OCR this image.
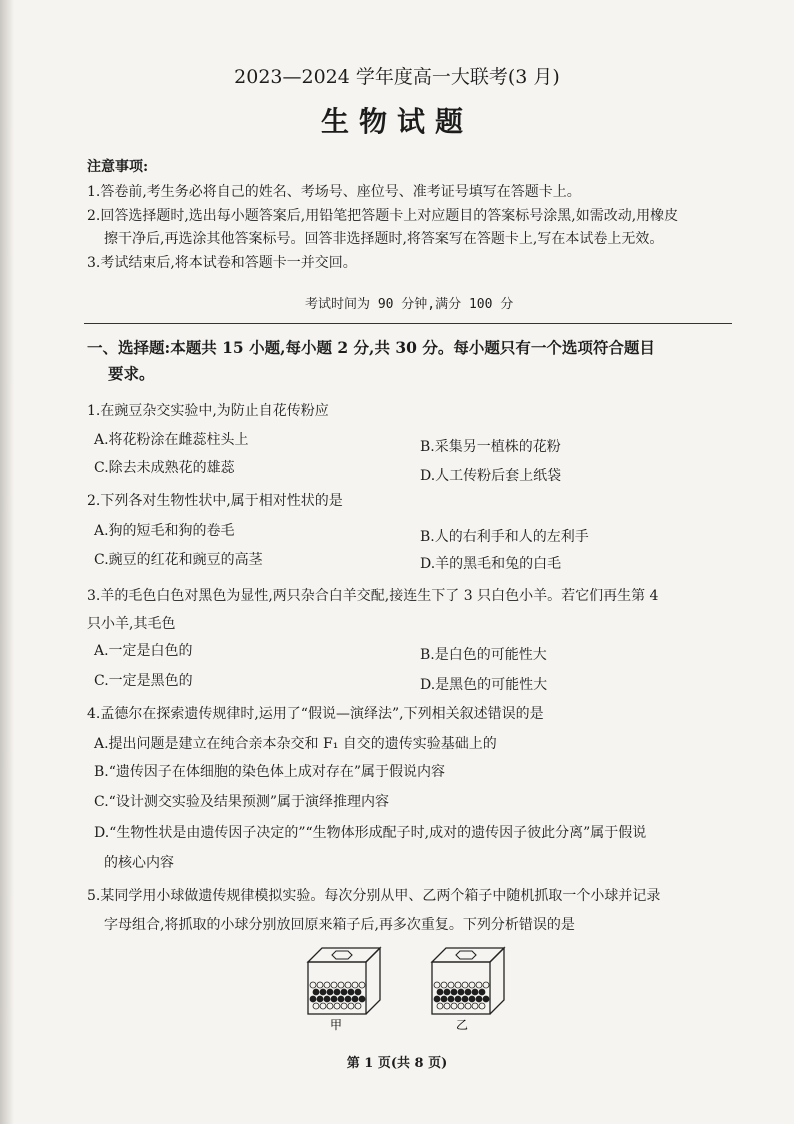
2023—2024 学年度高一大联考(3 月)
生物试题
注意事项:
1.答卷前,考生务必将自己的姓名、考场号、座位号、准考证号填写在答题卡上。
2.回答选择题时,选出每小题答案后,用铅笔把答题卡上对应题目的答案标号涂黑,如需改动,用橡皮
擦干净后,再选涂其他答案标号。回答非选择题时,将答案写在答题卡上,写在本试卷上无效。
3.考试结束后,将本试卷和答题卡一并交回。
考试时间为 90 分钟,满分 100 分
一、选择题:本题共 15 小题,每小题 2 分,共 30 分。每小题只有一个选项符合题目
要求。
1.在豌豆杂交实验中,为防止自花传粉应
A.将花粉涂在雌蕊柱头上	B.采集另一植株的花粉
C.除去未成熟花的雄蕊	D.人工传粉后套上纸袋
2.下列各对生物性状中,属于相对性状的是
A.狗的短毛和狗的卷毛	B.人的右利手和人的左利手
C.豌豆的红花和豌豆的高茎	D.羊的黑毛和兔的白毛
3.羊的毛色白色对黑色为显性,两只杂合白羊交配,接连生下了 3 只白色小羊。若它们再生第 4
只小羊,其毛色
A.一定是白色的	B.是白色的可能性大
C.一定是黑色的	D.是黑色的可能性大
4.孟德尔在探索遗传规律时,运用了“假说—演绎法”,下列相关叙述错误的是
A.提出问题是建立在纯合亲本杂交和 F₁ 自交的遗传实验基础上的
B.“遗传因子在体细胞的染色体上成对存在”属于假说内容
C.“设计测交实验及结果预测”属于演绎推理内容
D.“生物性状是由遗传因子决定的”“生物体形成配子时,成对的遗传因子彼此分离”属于假说
的核心内容
5.某同学用小球做遗传规律模拟实验。每次分别从甲、乙两个箱子中随机抓取一个小球并记录
字母组合,将抓取的小球分别放回原来箱子后,再多次重复。下列分析错误的是
甲	乙
第 1 页(共 8 页)
